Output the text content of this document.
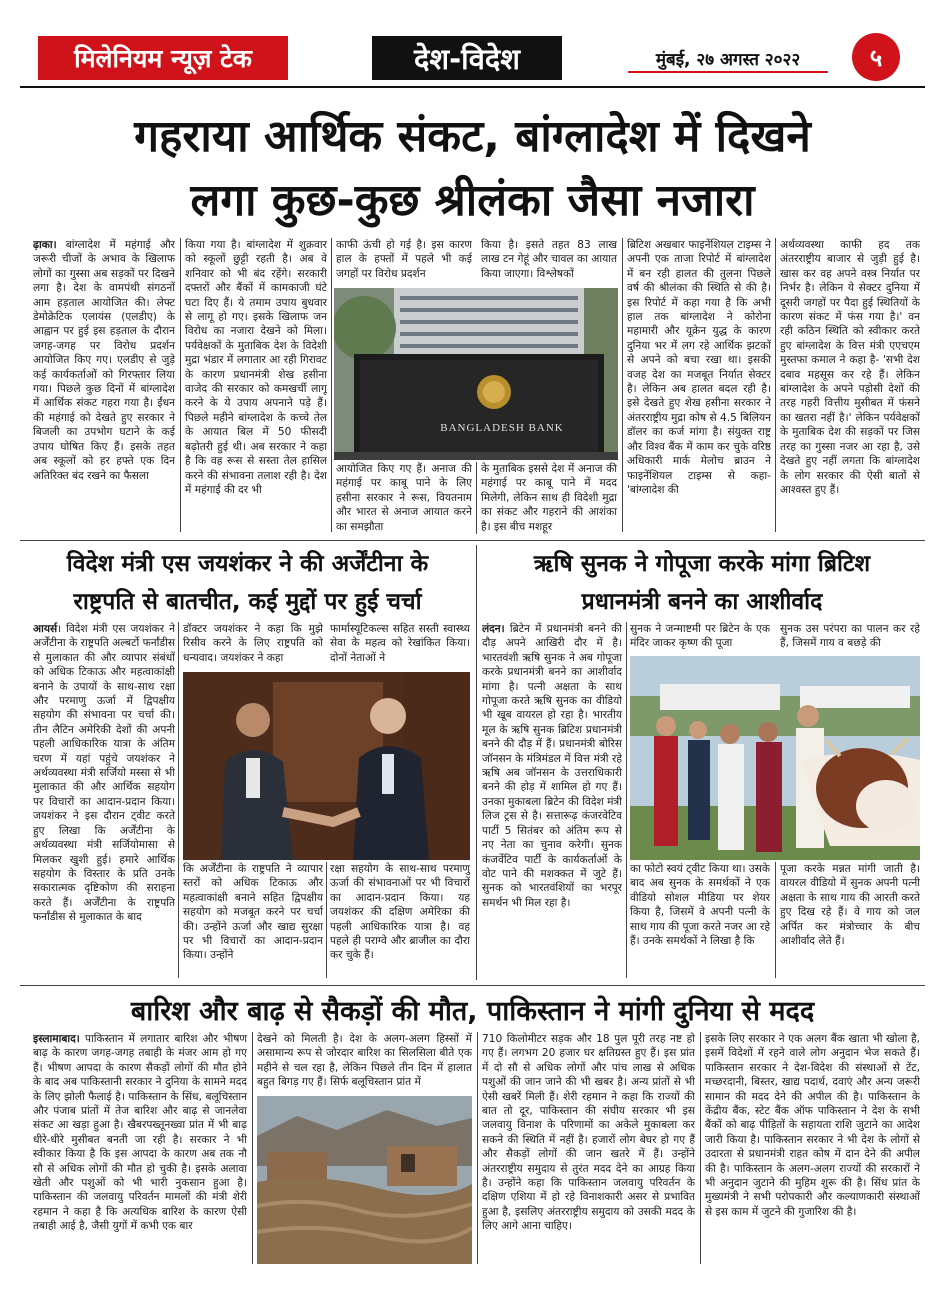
मिलेनियम न्यूज़ टेक	देश-विदेश	मुंबई, २७ अगस्त २०२२	५
गहराया आर्थिक संकट, बांग्लादेश में दिखने
लगा कुछ-कुछ श्रीलंका जैसा नजारा
ढ़ाका। बांग्लादेश में महंगाई और जरूरी चीजों के अभाव के खिलाफ लोगों का गुस्सा अब सड़कों पर दिखने लगा है। देश के वामपंथी संगठनों आम हड़ताल आयोजित की। लेफ्ट डेमोक्रेटिक एलायंस (एलडीए) के आह्वान पर हुई इस हड़ताल के दौरान जगह-जगह पर विरोध प्रदर्शन आयोजित किए गए। एलडीए से जुड़े कई कार्यकर्ताओं को गिरफ्तार लिया गया। पिछले कुछ दिनों में बांग्लादेश में आर्थिक संकट गहरा गया है। ईंधन की महंगाई को देखते हुए सरकार ने बिजली का उपभोग घटाने के कई उपाय घोषित किए हैं। इसके तहत अब स्कूलों को हर हफ्ते एक दिन अतिरिक्त बंद रखने का फैसला
किया गया है। बांग्लादेश में शुक्रवार को स्कूलों छुट्टी रहती है। अब वे शनिवार को भी बंद रहेंगे। सरकारी दफ्तरों और बैंकों में कामकाजी घंटे घटा दिए हैं। ये तमाम उपाय बुधवार से लागू हो गए। इसके खिलाफ जन विरोध का नजारा देखने को मिला। पर्यवेक्षकों के मुताबिक देश के विदेशी मुद्रा भंडार में लगातार आ रही गिरावट के कारण प्रधानमंत्री शेख हसीना वाजेद की सरकार को कमखर्ची लागू करने के ये उपाय अपनाने पड़े हैं। पिछले महीने बांग्लादेश के कच्चे तेल के आयात बिल में 50 फीसदी बढ़ोतरी हुई थी। अब सरकार ने कहा है कि वह रूस से सस्ता तेल हासिल करने की संभावना तलाश रही है। देश में महंगाई की दर भी
काफी ऊंची हो गई है। इस कारण हाल के हफ्तों में पहले भी कई जगहों पर विरोध प्रदर्शन
किया है। इसते तहत 83 लाख लाख टन गेहूं और चावल का आयात किया जाएगा। विश्लेषकों
BANGLADESH BANK
आयोजित किए गए हैं। अनाज की महंगाई पर काबू पाने के लिए हसीना सरकार ने रूस, वियतनाम और भारत से अनाज आयात करने का समझौता
के मुताबिक इससे देश में अनाज की महंगाई पर काबू पाने में मदद मिलेगी, लेकिन साथ ही विदेशी मुद्रा का संकट और गहराने की आशंका है। इस बीच मशहूर
ब्रिटिश अखबार फाइनेंशियल टाइम्स ने अपनी एक ताजा रिपोर्ट में बांग्लादेश में बन रही हालत की तुलना पिछले वर्ष की श्रीलंका की स्थिति से की है। इस रिपोर्ट में कहा गया है कि अभी हाल तक बांग्लादेश ने कोरोना महामारी और यूक्रेन युद्ध के कारण दुनिया भर में लग रहे आर्थिक झटकों से अपने को बचा रखा था। इसकी वजह देश का मजबूत निर्यात सेक्टर है। लेकिन अब हालत बदल रही है। इसे देखते हुए शेख हसीना सरकार ने अंतरराष्ट्रीय मुद्रा कोष से 4.5 बिलियन डॉलर का कर्ज मांगा है। संयुक्त राष्ट्र और विश्व बैंक में काम कर चुके वरिष्ठ अधिकारी मार्क मेलोच ब्राउन ने फाइनेंशियल टाइम्स से कहा- 'बांग्लादेश की
अर्थव्यवस्था काफी हद तक अंतरराष्ट्रीय बाजार से जुड़ी हुई है। खास कर वह अपने वस्त्र निर्यात पर निर्भर है। लेकिन ये सेक्टर दुनिया में दूसरी जगहों पर पैदा हुई स्थितियों के कारण संकट में फंस गया है।' वन रही कठिन स्थिति को स्वीकार करते हुए बांग्लादेश के वित्त मंत्री एएचएम मुस्तफा कमाल ने कहा है- 'सभी देश दबाव महसूस कर रहे हैं। लेकिन बांग्लादेश के अपने पड़ोसी देशों की तरह गहरी वित्तीय मुसीबत में फंसने का खतरा नहीं है।' लेकिन पर्यवेक्षकों के मुताबिक देश की सड़कों पर जिस तरह का गुस्सा नजर आ रहा है, उसे देखते हुए नहीं लगता कि बांग्लादेश के लोग सरकार की ऐसी बातों से आश्वस्त हुए हैं।
विदेश मंत्री एस जयशंकर ने की अर्जेंटीना के
राष्ट्रपति से बातचीत, कई मुद्दों पर हुई चर्चा
आयर्स। विदेश मंत्री एस जयशंकर ने अर्जेंटीना के राष्ट्रपति अल्बर्टो फर्नांडीस से मुलाकात की और व्यापार संबंधों को अधिक टिकाऊ और महत्वाकांक्षी बनाने के उपायों के साथ-साथ रक्षा और परमाणु ऊर्जा में द्विपक्षीय सहयोग की संभावना पर चर्चा की। तीन लैटिन अमेरिकी देशों की अपनी पहली आधिकारिक यात्रा के अंतिम चरण में यहां पहुंचे जयशंकर ने अर्थव्यवस्था मंत्री सर्जियो मस्सा से भी मुलाकात की और आर्थिक सहयोग पर विचारों का आदान-प्रदान किया।जयशंकर ने इस दौरान ट्वीट करते हुए लिखा कि अर्जेंटीना के अर्थव्यवस्था मंत्री सर्जियोमासा से मिलकर खुशी हुई। हमारे आर्थिक सहयोग के विस्तार के प्रति उनके सकारात्मक दृष्टिकोण की सराहना करते हैं। अर्जेंटीना के राष्ट्रपति फर्नांडीस से मुलाकात के बाद
डॉक्टर जयशंकर ने कहा कि मुझे रिसीव करने के लिए राष्ट्रपति को धन्यवाद। जयशंकर ने कहा
फार्मास्यूटिकल्स सहित सस्ती स्वास्थ्य सेवा के महत्व को रेखांकित किया। दोनों नेताओं ने
कि अर्जेंटीना के राष्ट्रपति ने व्यापार स्तरों को अधिक टिकाऊ और महत्वाकांक्षी बनाने सहित द्विपक्षीय सहयोग को मजबूत करने पर चर्चा की। उन्होंने ऊर्जा और खाद्य सुरक्षा पर भी विचारों का आदान-प्रदान किया। उन्होंने
रक्षा सहयोग के साथ-साथ परमाणु ऊर्जा की संभावनाओं पर भी विचारों का आदान-प्रदान किया। यह जयशंकर की दक्षिण अमेरिका की पहली आधिकारिक यात्रा है। वह पहले ही पराग्वे और ब्राजील का दौरा कर चुके हैं।
ऋषि सुनक ने गोपूजा करके मांगा ब्रिटिश
प्रधानमंत्री बनने का आशीर्वाद
लंदन। ब्रिटेन में प्रधानमंत्री बनने की दौड़ अपने आखिरी दौर में है। भारतवंशी ऋषि सुनक ने अब गोपूजा करके प्रधानमंत्री बनने का आशीर्वाद मांगा है। पत्नी अक्षता के साथ गोपूजा करते ऋषि सुनक का वीडियो भी खूब वायरल हो रहा है। भारतीय मूल के ऋषि सुनक ब्रिटिश प्रधानमंत्री बनने की दौड़ में हैं। प्रधानमंत्री बोरिस जॉनसन के मंत्रिमंडल में वित्त मंत्री रहे ऋषि अब जॉनसन के उत्तराधिकारी बनने की होड़ में शामिल हो गए हैं। उनका मुकाबला ब्रिटेन की विदेश मंत्री लिज ट्रस से है। सत्तारूढ़ कंजरवेटिव पार्टी 5 सितंबर को अंतिम रूप से नए नेता का चुनाव करेगी। सुनक कंजर्वेटिव पार्टी के कार्यकर्ताओं के वोट पाने की मशक्कत में जुटे हैं। सुनक को भारतवंशियों का भरपूर समर्थन भी मिल रहा है।
सुनक ने जन्माष्टमी पर ब्रिटेन के एक मंदिर जाकर कृष्ण की पूजा
सुनक उस परंपरा का पालन कर रहे हैं, जिसमें गाय व बछड़े की
का फोटो स्वयं ट्वीट किया था। उसके बाद अब सुनक के समर्थकों ने एक वीडियो सोशल मीडिया पर शेयर किया है, जिसमें वे अपनी पत्नी के साथ गाय की पूजा करते नजर आ रहे हैं। उनके समर्थकों ने लिखा है कि
पूजा करके मन्नत मांगी जाती है। वायरल वीडियो में सुनक अपनी पत्नी अक्षता के साथ गाय की आरती करते हुए दिख रहे हैं। वे गाय को जल अर्पित कर मंत्रोच्चार के बीच आशीर्वाद लेते हैं।
बारिश और बाढ़ से सैकड़ों की मौत, पाकिस्तान ने मांगी दुनिया से मदद
इस्लामाबाद। पाकिस्तान में लगातार बारिश और भीषण बाढ़ के कारण जगह-जगह तबाही के मंजर आम हो गए हैं। भीषण आपदा के कारण सैकड़ों लोगों की मौत होने के बाद अब पाकिस्तानी सरकार ने दुनिया के सामने मदद के लिए झोली फैलाई है। पाकिस्तान के सिंध, बलूचिस्तान और पंजाब प्रांतों में तेज बारिश और बाढ़ से जानलेवा संकट आ खड़ा हुआ है। खैबरपख्तूनख्वा प्रांत में भी बाढ़ धीरे-धीरे मुसीबत बनती जा रही है। सरकार ने भी स्वीकार किया है कि इस आपदा के कारण अब तक नौ सौ से अधिक लोगों की मौत हो चुकी है। इसके अलावा खेती और पशुओं को भी भारी नुकसान हुआ है। पाकिस्तान की जलवायु परिवर्तन मामलों की मंत्री शेरी रहमान ने कहा है कि अत्यधिक बारिश के कारण ऐसी तबाही आई है, जैसी युगों में कभी एक बार
देखने को मिलती है। देश के अलग-अलग हिस्सों में असामान्य रूप से जोरदार बारिश का सिलसिला बीते एक महीने से चल रहा है, लेकिन पिछले तीन दिन में हालात बहुत बिगड़ गए हैं। सिर्फ बलूचिस्तान प्रांत में
710 किलोमीटर सड़क और 18 पुल पूरी तरह नष्ट हो गए हैं। लगभग 20 हजार घर क्षतिग्रस्त हुए हैं। इस प्रांत में दो सौ से अधिक लोगों और पांच लाख से अधिक पशुओं की जान जाने की भी खबर है। अन्य प्रांतों से भी ऐसी खबरें मिली हैं। शेरी रहमान ने कहा कि राज्यों की बात तो दूर, पाकिस्तान की संघीय सरकार भी इस जलवायु विनाश के परिणामों का अकेले मुकाबला कर सकने की स्थिति में नहीं है। हजारों लोग बेघर हो गए हैं और सैकड़ों लोगों की जान खतरे में हैं। उन्होंने अंतरराष्ट्रीय समुदाय से तुरंत मदद देने का आग्रह किया है। उन्होंने कहा कि पाकिस्तान जलवायु परिवर्तन के दक्षिण एशिया में हो रहे विनाशकारी असर से प्रभावित हुआ है, इसलिए अंतरराष्ट्रीय समुदाय को उसकी मदद के लिए आगे आना चाहिए।
इसके लिए सरकार ने एक अलग बैंक खाता भी खोला है, इसमें विदेशों में रहने वाले लोग अनुदान भेज सकते हैं। पाकिस्तान सरकार ने देश-विदेश की संस्थाओं से टेंट, मच्छरदानी, बिस्तर, खाद्य पदार्थ, दवाएं और अन्य जरूरी सामान की मदद देने की अपील की है। पाकिस्तान के केंद्रीय बैंक, स्टेट बैंक ऑफ पाकिस्तान ने देश के सभी बैंकों को बाढ़ पीड़ितों के सहायता राशि जुटाने का आदेश जारी किया है। पाकिस्तान सरकार ने भी देश के लोगों से उदारता से प्रधानमंत्री राहत कोष में दान देने की अपील की है। पाकिस्तान के अलग-अलग राज्यों की सरकारों ने भी अनुदान जुटाने की मुहिम शुरू की है। सिंध प्रांत के मुख्यमंत्री ने सभी परोपकारी और कल्याणकारी संस्थाओं से इस काम में जुटने की गुजारिश की है।
